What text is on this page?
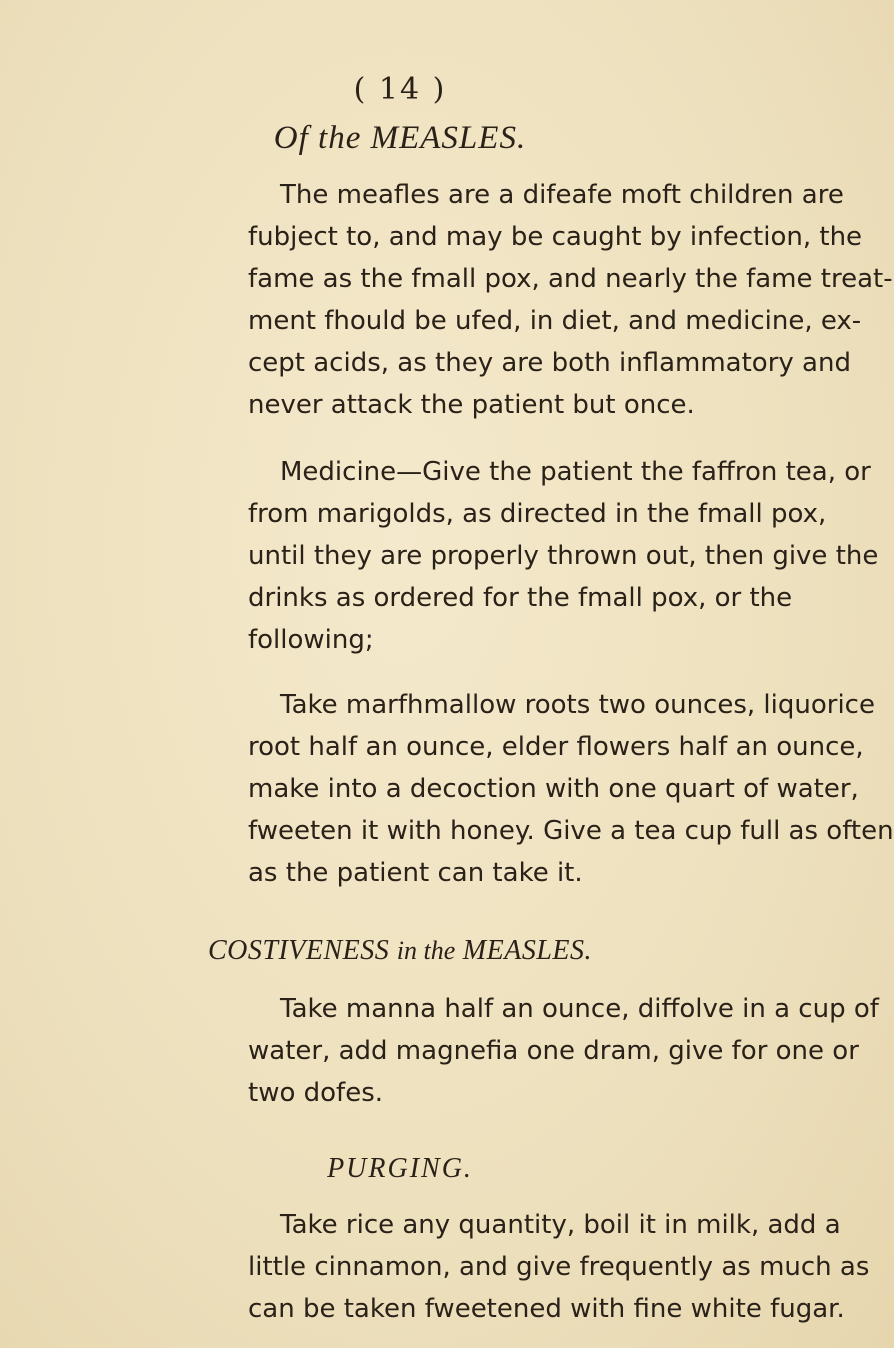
( 14 )
Of the MEASLES.
The meafles are a difeafe moft children are
fubject to, and may be caught by infection, the
fame as the fmall pox, and nearly the fame treat-
ment fhould be ufed, in diet, and medicine, ex-
cept acids, as they are both inflammatory and
never attack the patient but once.
Medicine—Give the patient the faffron tea, or
from marigolds, as directed in the fmall pox,
until they are properly thrown out, then give the
drinks as ordered for the fmall pox, or the
following;
Take marfhmallow roots two ounces, liquorice
root half an ounce, elder flowers half an ounce,
make into a decoction with one quart of water,
fweeten it with honey. Give a tea cup full as often
as the patient can take it.
COSTIVENESS in the MEASLES.
Take manna half an ounce, diffolve in a cup of
water, add magnefia one dram, give for one or
two dofes.
PURGING.
Take rice any quantity, boil it in milk, add a
little cinnamon, and give frequently as much as
can be taken fweetened with fine white fugar.
